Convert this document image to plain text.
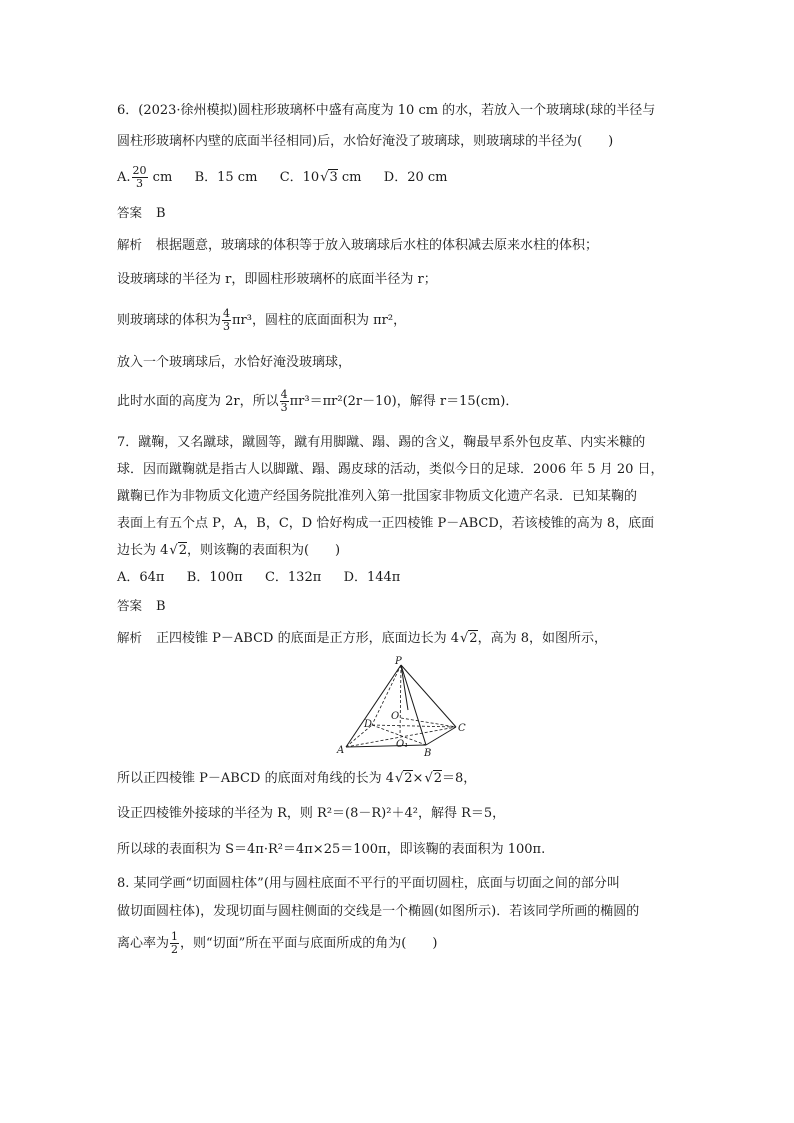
6．(2023·徐州模拟)圆柱形玻璃杯中盛有高度为 10 cm 的水，若放入一个玻璃球(球的半径与
圆柱形玻璃杯内壁的底面半径相同)后，水恰好淹没了玻璃球，则玻璃球的半径为(　　)
A. $\frac{20}{3}$ cm B．15 cm C．10√3 cm D．20 cm
答案 B
解析 根据题意，玻璃球的体积等于放入玻璃球后水柱的体积减去原来水柱的体积；
设玻璃球的半径为 r，即圆柱形玻璃杯的底面半径为 r；
则玻璃球的体积为 $\frac{4}{3} \pi r^3$，圆柱的底面面积为 πr²，
放入一个玻璃球后，水恰好淹没玻璃球，
此时水面的高度为 2r，所以 $\frac{4}{3} \pi r^3=\pi r^2(2r-10)$，解得 r＝15(cm)．
7．蹴鞠，又名蹴球，蹴圆等，蹴有用脚蹴、蹋、踢的含义，鞠最早系外包皮革、内实米糠的
球．因而蹴鞠就是指古人以脚蹴、蹋、踢皮球的活动，类似今日的足球．2006 年 5 月 20 日，
蹴鞠已作为非物质文化遗产经国务院批准列入第一批国家非物质文化遗产名录．已知某鞠的
表面上有五个点 P，A，B，C，D 恰好构成一正四棱锥 P－ABCD，若该棱锥的高为 8，底面
边长为 4√2，则该鞠的表面积为(　　)
A．64π B．100π C．132π D．144π
答案 B
解析 正四棱锥 P－ABCD 的底面是正方形，底面边长为 4√2，高为 8，如图所示，
P
A	B
C
D
O
O₁
所以正四棱锥 P－ABCD 的底面对角线的长为 4√2×√2＝8，
设正四棱锥外接球的半径为 R，则 R²＝(8－R)²＋4²，解得 R＝5，
所以球的表面积为 S＝4π·R²＝4π×25＝100π，即该鞠的表面积为 100π.
8. 某同学画“切面圆柱体”(用与圆柱底面不平行的平面切圆柱，底面与切面之间的部分叫
做切面圆柱体)，发现切面与圆柱侧面的交线是一个椭圆(如图所示)．若该同学所画的椭圆的
离心率为 $\frac{1}{2}$ ，则“切面”所在平面与底面所成的角为(　　)
